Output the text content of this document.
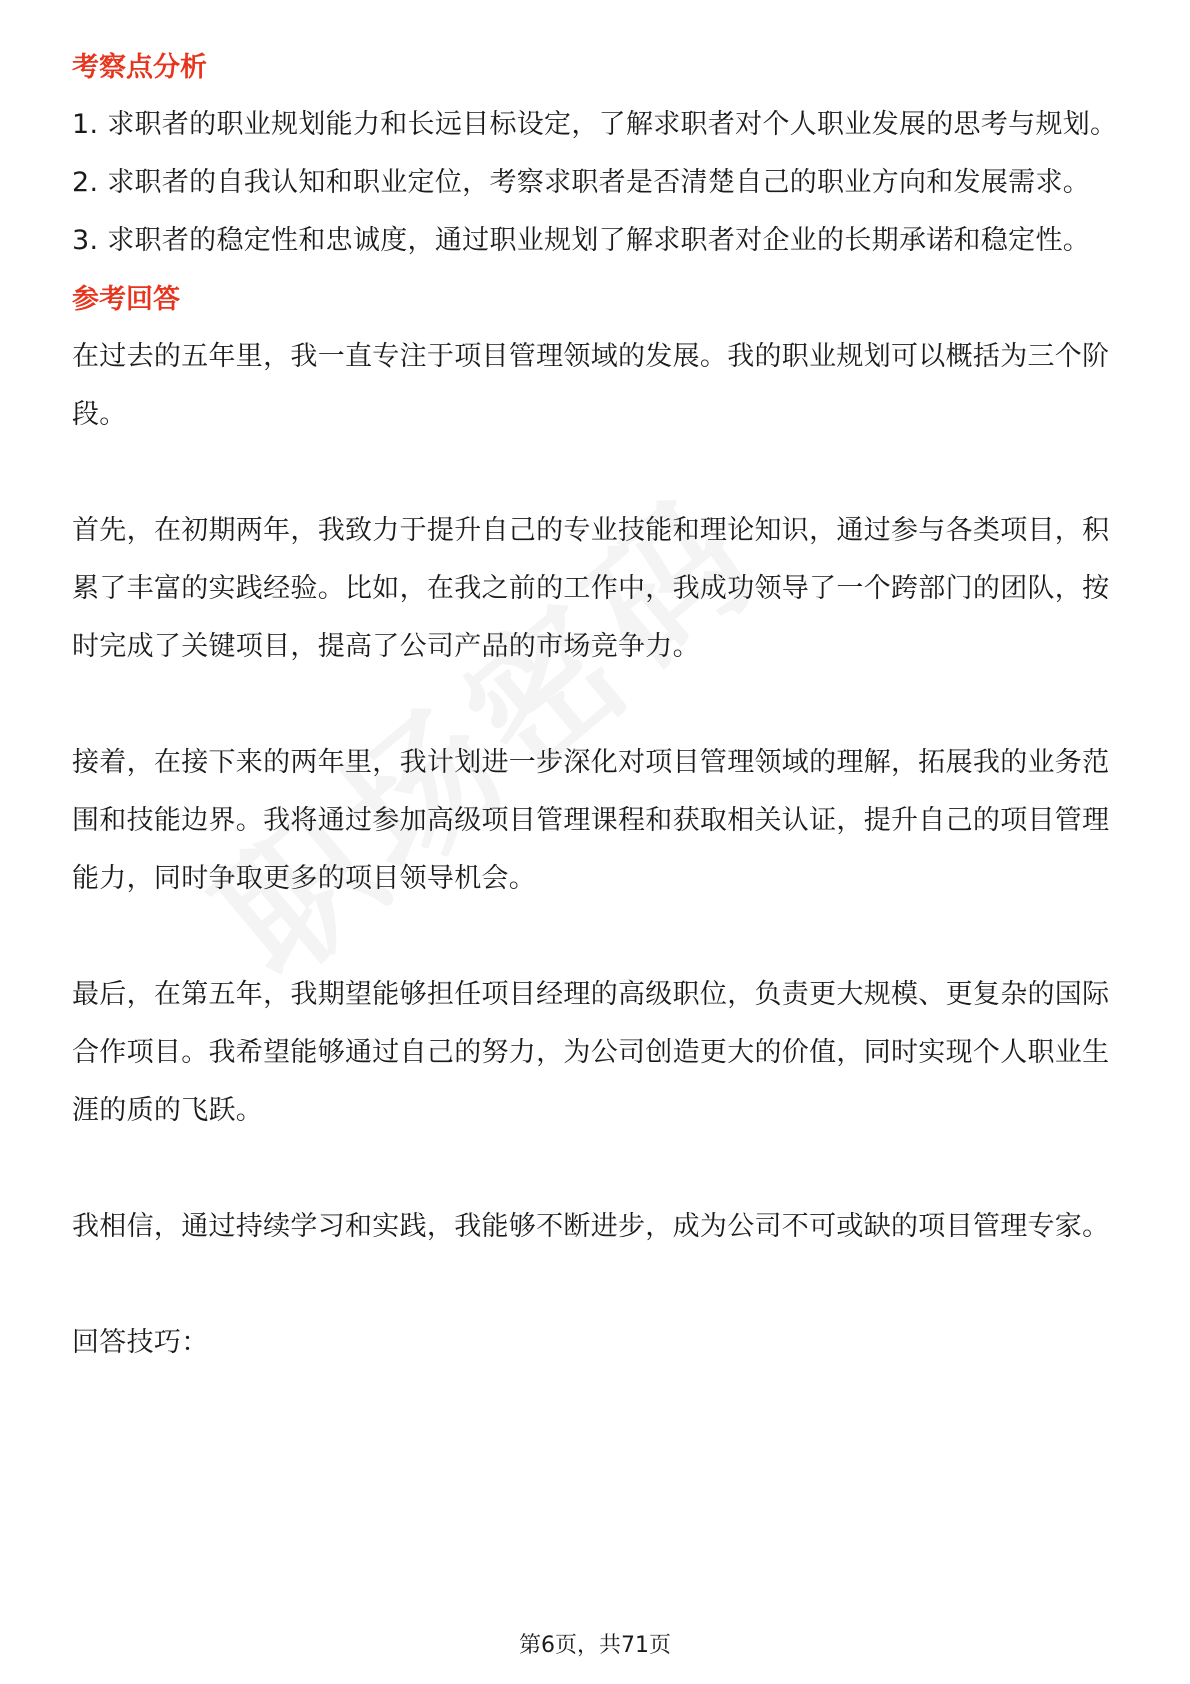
考察点分析

1. 求职者的职业规划能力和长远目标设定，了解求职者对个人职业发展的思考与规划。

2. 求职者的自我认知和职业定位，考察求职者是否清楚自己的职业方向和发展需求。

3. 求职者的稳定性和忠诚度，通过职业规划了解求职者对企业的长期承诺和稳定性。

参考回答

在过去的五年里，我一直专注于项目管理领域的发展。我的职业规划可以概括为三个阶段。

首先，在初期两年，我致力于提升自己的专业技能和理论知识，通过参与各类项目，积累了丰富的实践经验。比如，在我之前的工作中，我成功领导了一个跨部门的团队，按时完成了关键项目，提高了公司产品的市场竞争力。

接着，在接下来的两年里，我计划进一步深化对项目管理领域的理解，拓展我的业务范围和技能边界。我将通过参加高级项目管理课程和获取相关认证，提升自己的项目管理能力，同时争取更多的项目领导机会。

最后，在第五年，我期望能够担任项目经理的高级职位，负责更大规模、更复杂的国际合作项目。我希望能够通过自己的努力，为公司创造更大的价值，同时实现个人职业生涯的质的飞跃。

我相信，通过持续学习和实践，我能够不断进步，成为公司不可或缺的项目管理专家。

回答技巧：

第6页，共71页
